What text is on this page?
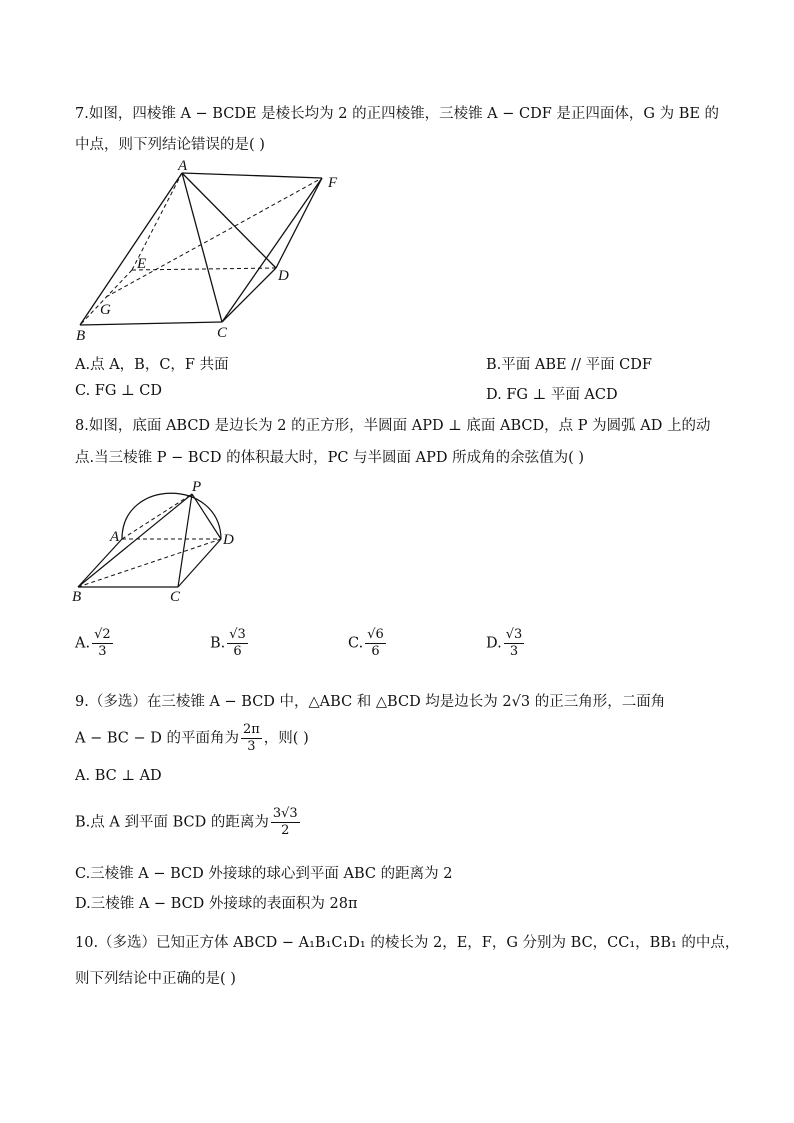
7.如图，四棱锥 A − BCDE 是棱长均为 2 的正四棱锥，三棱锥 A − CDF 是正四面体，G 为 BE 的
中点，则下列结论错误的是( )
A
F
E
D
G
B	C
A.点 A，B，C，F 共面	B.平面 ABE // 平面 CDF
C. FG ⊥ CD	D. FG ⊥ 平面 ACD
8.如图，底面 ABCD 是边长为 2 的正方形，半圆面 APD ⊥ 底面 ABCD，点 P 为圆弧 AD 上的动
点.当三棱锥 P − BCD 的体积最大时，PC 与半圆面 APD 所成角的余弦值为( )
P
A	D
B	C
A. $\frac{√2}{3}$	B. $\frac{√3}{6}$	C. $\frac{√6}{6}$	D. $\frac{√3}{3}$
9.（多选）在三棱锥 A − BCD 中，△ABC 和 △BCD 均是边长为 2√3 的正三角形，二面角
A − BC − D 的平面角为 $\frac{2\pi}{3}$ ，则( )
A. BC ⊥ AD
B.点 A 到平面 BCD 的距离为 $\frac{3√3}{2}$
C.三棱锥 A − BCD 外接球的球心到平面 ABC 的距离为 2
D.三棱锥 A − BCD 外接球的表面积为 28π
10.（多选）已知正方体 ABCD − A₁B₁C₁D₁ 的棱长为 2，E，F，G 分别为 BC，CC₁，BB₁ 的中点，
则下列结论中正确的是( )
